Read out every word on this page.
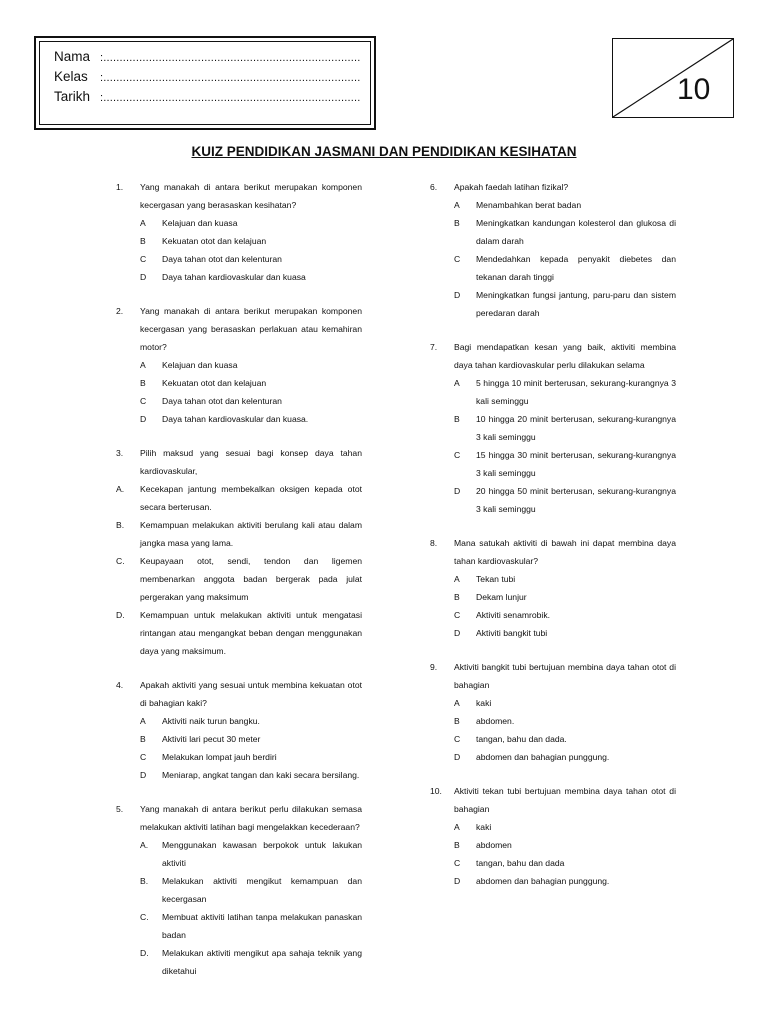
Nama :...............................................................................
Kelas :...............................................................................
Tarikh :...............................................................................	10
KUIZ PENDIDIKAN JASMANI DAN PENDIDIKAN KESIHATAN
1. Yang manakah di antara berikut merupakan komponen kecergasan yang berasaskan kesihatan?
A Kelajuan dan kuasa
B Kekuatan otot dan kelajuan
C Daya tahan otot dan kelenturan
D Daya tahan kardiovaskular dan kuasa
2. Yang manakah di antara berikut merupakan komponen kecergasan yang berasaskan perlakuan atau kemahiran motor?
A Kelajuan dan kuasa
B Kekuatan otot dan kelajuan
C Daya tahan otot dan kelenturan
D Daya tahan kardiovaskular dan kuasa.
3. Pilih maksud yang sesuai bagi konsep daya tahan kardiovaskular,
A. Kecekapan jantung membekalkan oksigen kepada otot secara berterusan.
B. Kemampuan melakukan aktiviti berulang kali atau dalam jangka masa yang lama.
C. Keupayaan otot, sendi, tendon dan ligemen membenarkan anggota badan bergerak pada julat pergerakan yang maksimum
D. Kemampuan untuk melakukan aktiviti untuk mengatasi rintangan atau mengangkat beban dengan menggunakan daya yang maksimum.
4. Apakah aktiviti yang sesuai untuk membina kekuatan otot di bahagian kaki?
A Aktiviti naik turun bangku.
B Aktiviti lari pecut 30 meter
C Melakukan lompat jauh berdiri
D Meniarap, angkat tangan dan kaki secara bersilang.
5. Yang manakah di antara berikut perlu dilakukan semasa melakukan aktiviti latihan bagi mengelakkan kecederaan?
A. Menggunakan kawasan berpokok untuk lakukan aktiviti
B. Melakukan aktiviti mengikut kemampuan dan kecergasan
C. Membuat aktiviti latihan tanpa melakukan panaskan badan
D. Melakukan aktiviti mengikut apa sahaja teknik yang diketahui
6. Apakah faedah latihan fizikal?
A Menambahkan berat badan
B Meningkatkan kandungan kolesterol dan glukosa di dalam darah
C Mendedahkan kepada penyakit diebetes dan tekanan darah tinggi
D Meningkatkan fungsi jantung, paru-paru dan sistem peredaran darah
7. Bagi mendapatkan kesan yang baik, aktiviti membina daya tahan kardiovaskular perlu dilakukan selama
A 5 hingga 10 minit berterusan, sekurang-kurangnya 3 kali seminggu
B 10 hingga 20 minit berterusan, sekurang-kurangnya 3 kali seminggu
C 15 hingga 30 minit berterusan, sekurang-kurangnya 3 kali seminggu
D 20 hingga 50 minit berterusan, sekurang-kurangnya 3 kali seminggu
8. Mana satukah aktiviti di bawah ini dapat membina daya tahan kardiovaskular?
A Tekan tubi
B Dekam lunjur
C Aktiviti senamrobik.
D Aktiviti bangkit tubi
9. Aktiviti bangkit tubi bertujuan membina daya tahan otot di bahagian
A kaki
B abdomen.
C tangan, bahu dan dada.
D abdomen dan bahagian punggung.
10. Aktiviti tekan tubi bertujuan membina daya tahan otot di bahagian
A kaki
B abdomen
C tangan, bahu dan dada
D abdomen dan bahagian punggung.
